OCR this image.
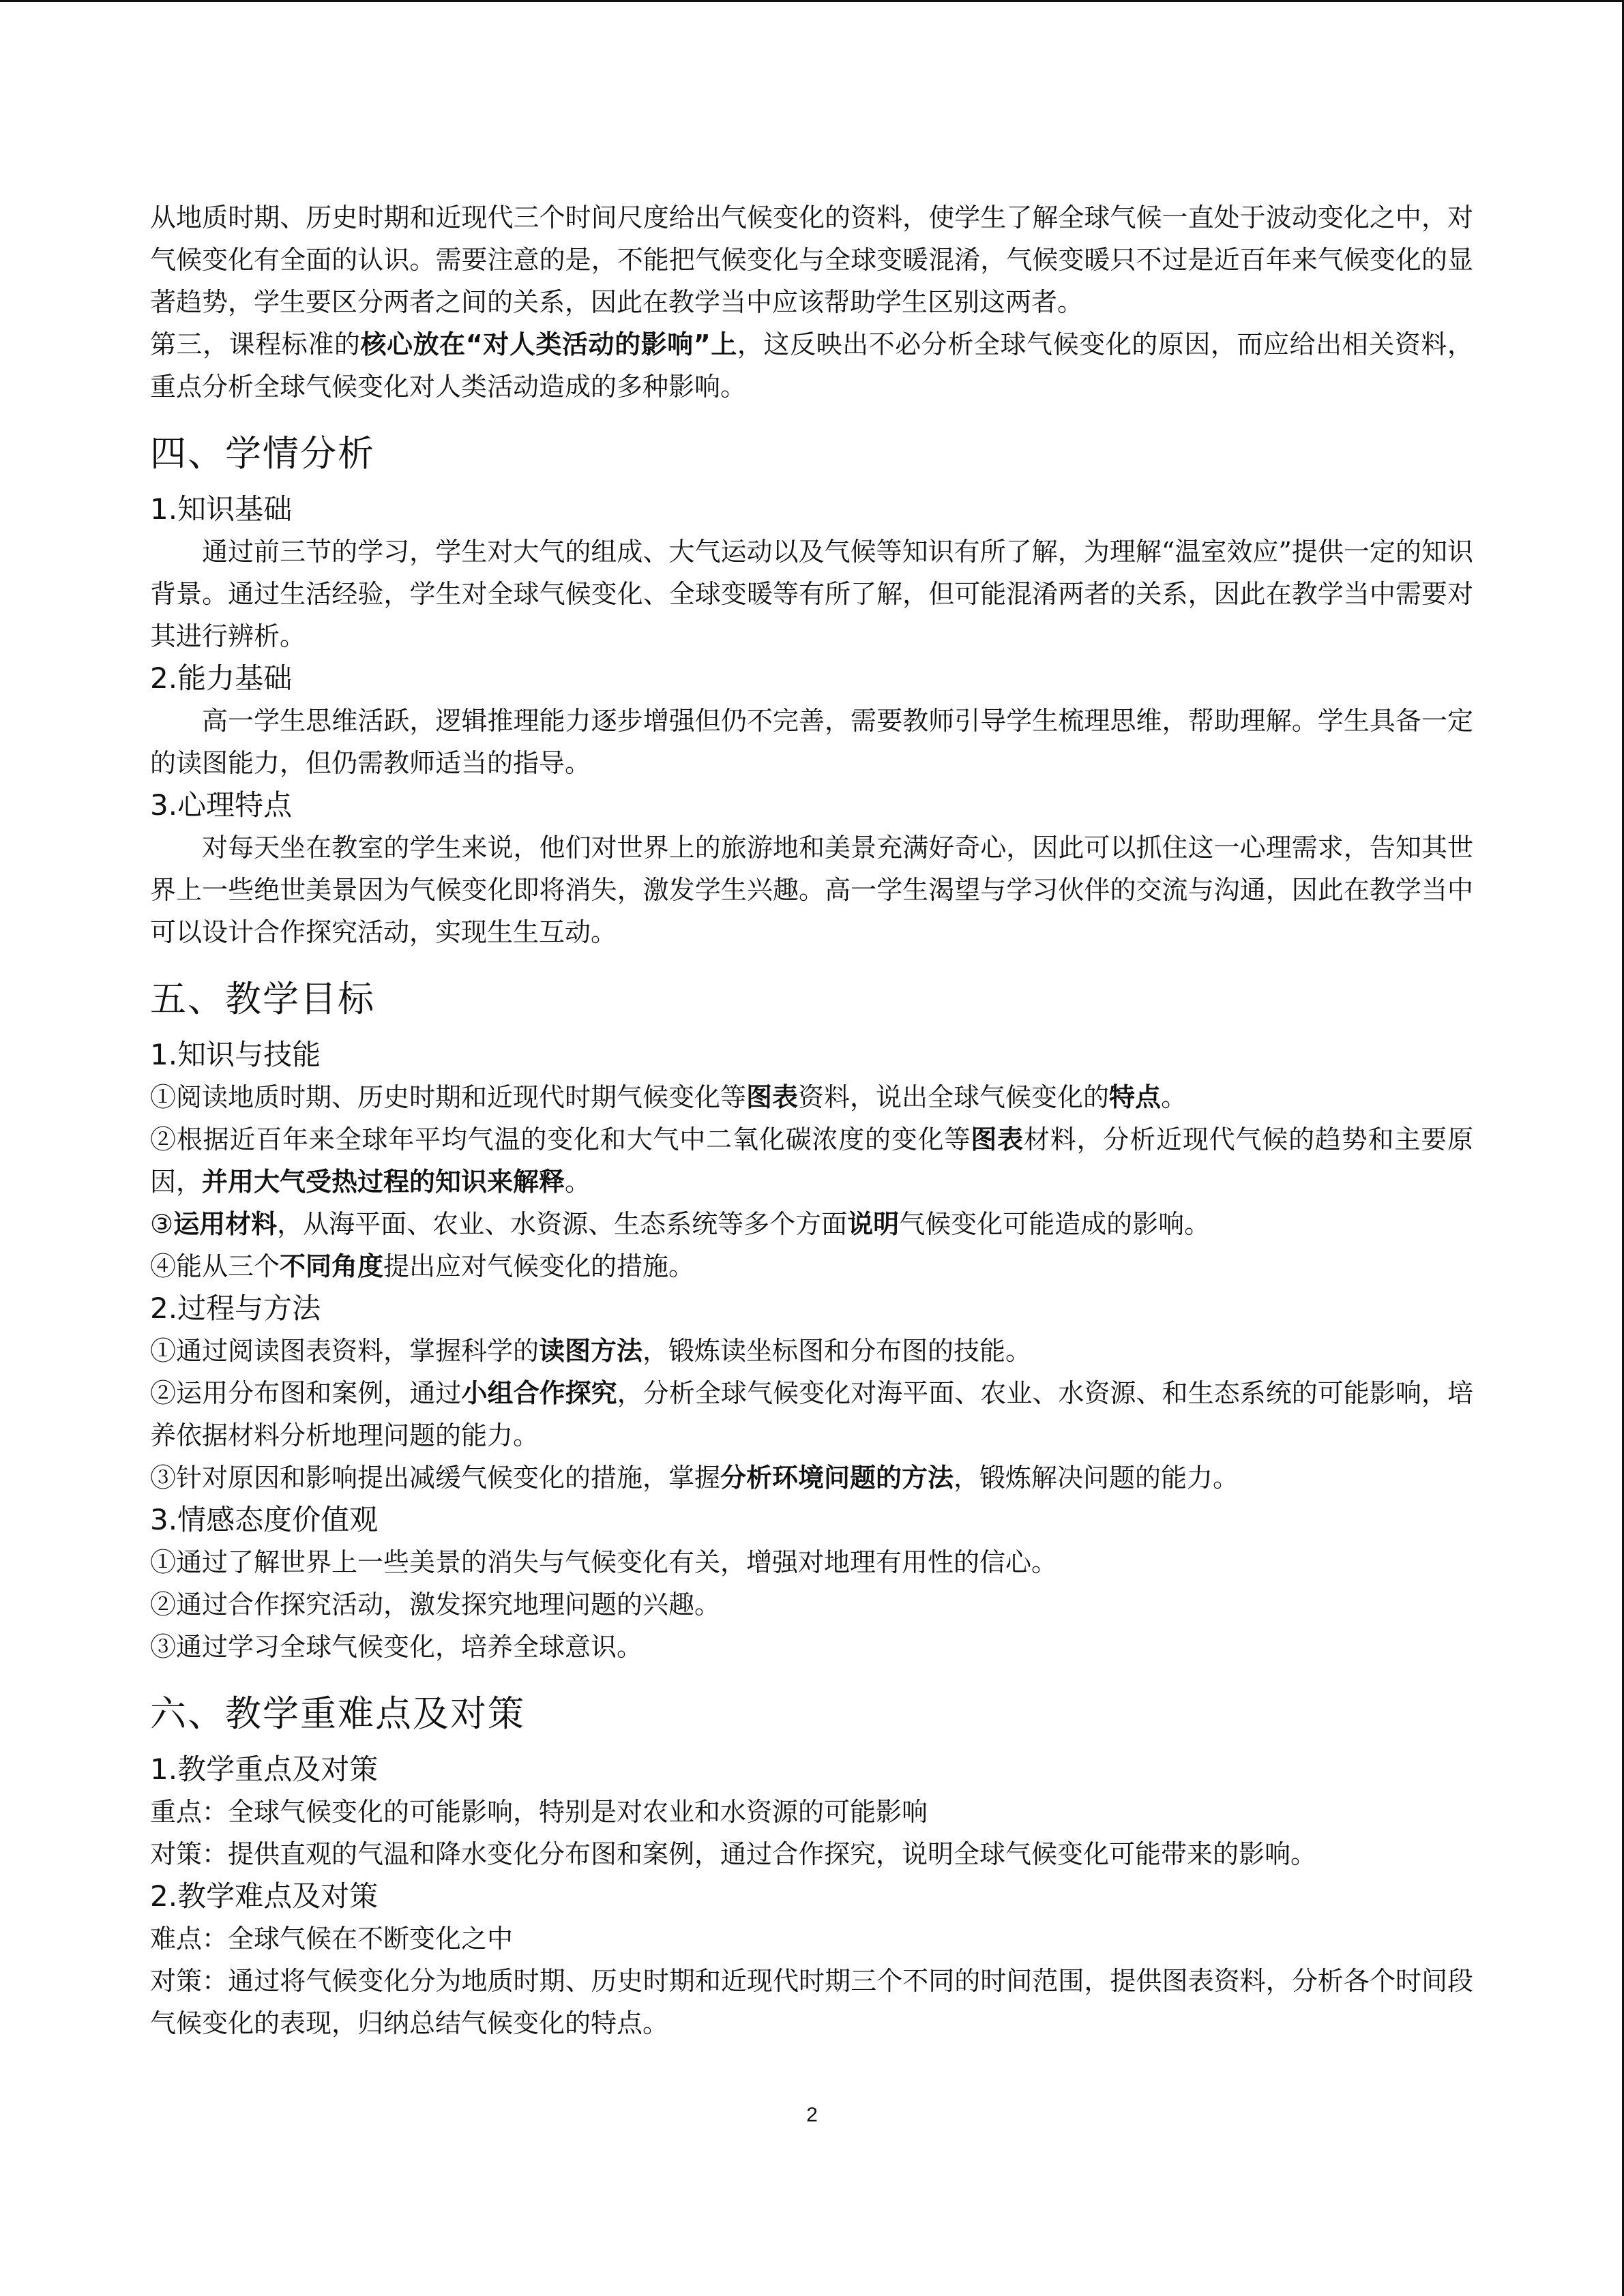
从地质时期、历史时期和近现代三个时间尺度给出气候变化的资料，使学生了解全球气候一直处于波动变化之中，对气候变化有全面的认识。需要注意的是，不能把气候变化与全球变暖混淆，气候变暖只不过是近百年来气候变化的显著趋势，学生要区分两者之间的关系，因此在教学当中应该帮助学生区别这两者。

第三，课程标准的核心放在“对人类活动的影响”上，这反映出不必分析全球气候变化的原因，而应给出相关资料，重点分析全球气候变化对人类活动造成的多种影响。

四、学情分析
1.知识基础

通过前三节的学习，学生对大气的组成、大气运动以及气候等知识有所了解，为理解“温室效应”提供一定的知识背景。通过生活经验，学生对全球气候变化、全球变暖等有所了解，但可能混淆两者的关系，因此在教学当中需要对其进行辨析。

2.能力基础

高一学生思维活跃，逻辑推理能力逐步增强但仍不完善，需要教师引导学生梳理思维，帮助理解。学生具备一定的读图能力，但仍需教师适当的指导。

3.心理特点

对每天坐在教室的学生来说，他们对世界上的旅游地和美景充满好奇心，因此可以抓住这一心理需求，告知其世界上一些绝世美景因为气候变化即将消失，激发学生兴趣。高一学生渴望与学习伙伴的交流与沟通，因此在教学当中可以设计合作探究活动，实现生生互动。

五、教学目标
1.知识与技能

①阅读地质时期、历史时期和近现代时期气候变化等图表资料，说出全球气候变化的特点。

②根据近百年来全球年平均气温的变化和大气中二氧化碳浓度的变化等图表材料，分析近现代气候的趋势和主要原因，并用大气受热过程的知识来解释。

③运用材料，从海平面、农业、水资源、生态系统等多个方面说明气候变化可能造成的影响。

④能从三个不同角度提出应对气候变化的措施。

2.过程与方法

①通过阅读图表资料，掌握科学的读图方法，锻炼读坐标图和分布图的技能。

②运用分布图和案例，通过小组合作探究，分析全球气候变化对海平面、农业、水资源、和生态系统的可能影响，培养依据材料分析地理问题的能力。

③针对原因和影响提出减缓气候变化的措施，掌握分析环境问题的方法，锻炼解决问题的能力。

3.情感态度价值观

①通过了解世界上一些美景的消失与气候变化有关，增强对地理有用性的信心。

②通过合作探究活动，激发探究地理问题的兴趣。

③通过学习全球气候变化，培养全球意识。

六、教学重难点及对策
1.教学重点及对策

重点：全球气候变化的可能影响，特别是对农业和水资源的可能影响

对策：提供直观的气温和降水变化分布图和案例，通过合作探究，说明全球气候变化可能带来的影响。

2.教学难点及对策

难点：全球气候在不断变化之中

对策：通过将气候变化分为地质时期、历史时期和近现代时期三个不同的时间范围，提供图表资料，分析各个时间段气候变化的表现，归纳总结气候变化的特点。

2
